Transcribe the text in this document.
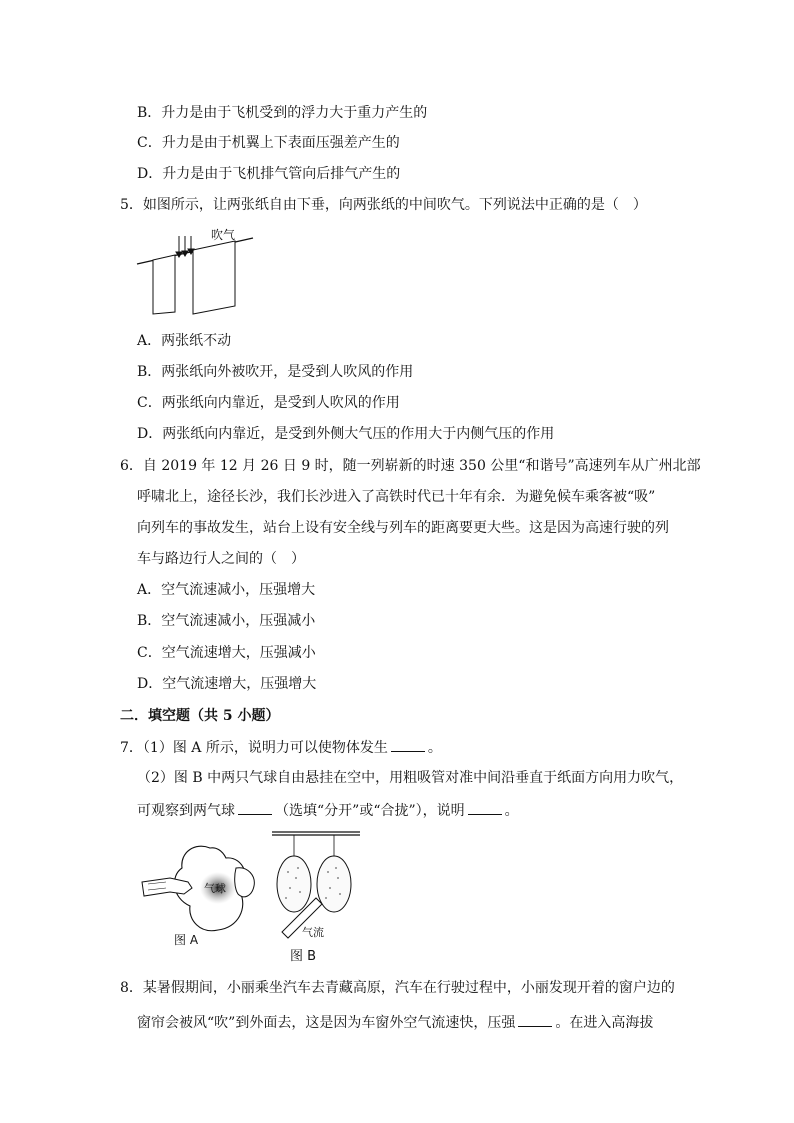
B．升力是由于飞机受到的浮力大于重力产生的
C．升力是由于机翼上下表面压强差产生的
D．升力是由于飞机排气管向后排气产生的
5．如图所示，让两张纸自由下垂，向两张纸的中间吹气。下列说法中正确的是（　）
吹气
A．两张纸不动
B．两张纸向外被吹开，是受到人吹风的作用
C．两张纸向内靠近，是受到人吹风的作用
D．两张纸向内靠近，是受到外侧大气压的作用大于内侧气压的作用
6．自 2019 年 12 月 26 日 9 时，随一列崭新的时速 350 公里“和谐号”高速列车从广州北部
呼啸北上，途径长沙，我们长沙进入了高铁时代已十年有余．为避免候车乘客被“吸”
向列车的事故发生，站台上设有安全线与列车的距离要更大些。这是因为高速行驶的列
车与路边行人之间的（　）
A．空气流速减小，压强增大
B．空气流速减小，压强减小
C．空气流速增大，压强减小
D．空气流速增大，压强增大
二．填空题（共 5 小题）
7．（1）图 A 所示，说明力可以使物体发生	。
（2）图 B 中两只气球自由悬挂在空中，用粗吸管对准中间沿垂直于纸面方向用力吹气，
可观察到两气球	（选填“分开”或“合拢”），说明	。
气球
图 A
气流
图 B
8．某暑假期间，小丽乘坐汽车去青藏高原，汽车在行驶过程中，小丽发现开着的窗户边的
窗帘会被风“吹”到外面去，这是因为车窗外空气流速快，压强	。在进入高海拔
